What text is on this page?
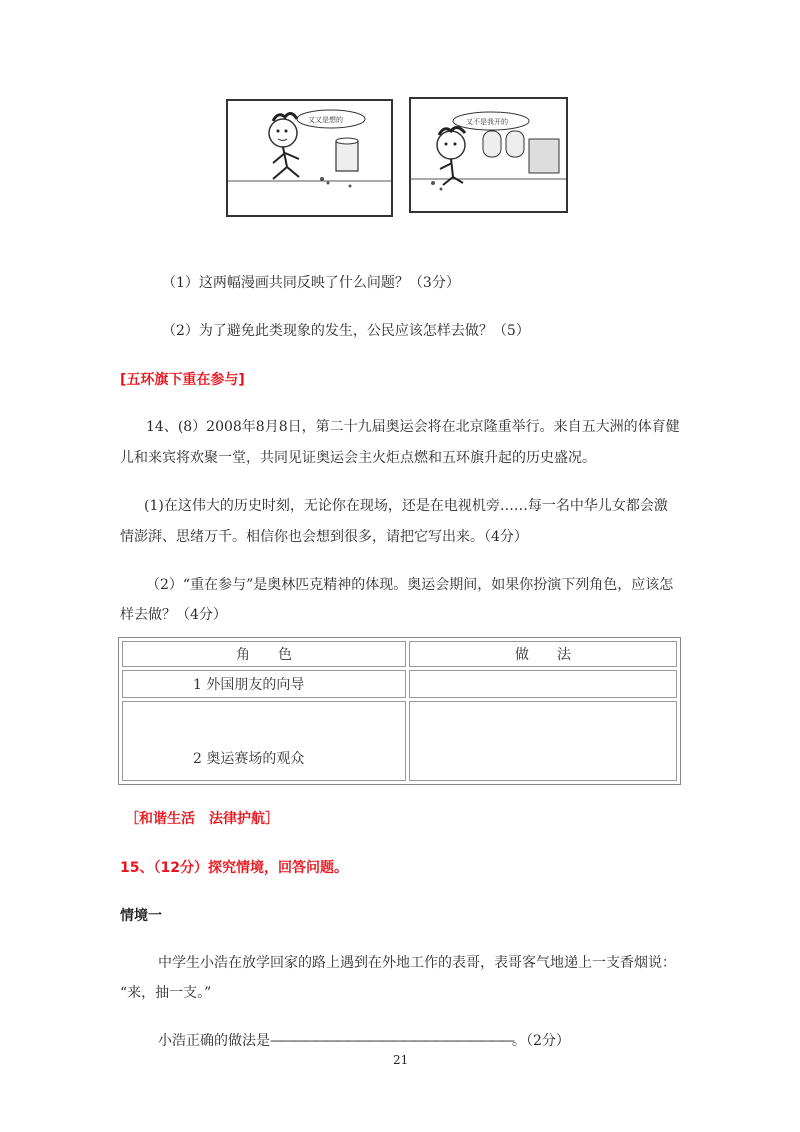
又又是想的	又不是我开的
（1）这两幅漫画共同反映了什么问题？（3分）
（2）为了避免此类现象的发生，公民应该怎样去做？（5）
[五环旗下重在参与]
14、(8）2008年8月8日，第二十九届奥运会将在北京隆重举行。来自五大洲的体育健
儿和来宾将欢聚一堂，共同见证奥运会主火炬点燃和五环旗升起的历史盛况。
(1)在这伟大的历史时刻，无论你在现场，还是在电视机旁……每一名中华儿女都会激
情澎湃、思绪万千。相信你也会想到很多，请把它写出来。（4分）
（2）“重在参与”是奥林匹克精神的体现。奥运会期间，如果你扮演下列角色，应该怎
样去做？（4分）
角　　色	做　　法
1 外国朋友的向导	
2 奥运赛场的观众	
［和谐生活　法律护航］
15、（12分）探究情境，回答问题。
情境一
中学生小浩在放学回家的路上遇到在外地工作的表哥，表哥客气地递上一支香烟说：
“来，抽一支。”
小浩正确的做法是——————————————————————。（2分）
21
